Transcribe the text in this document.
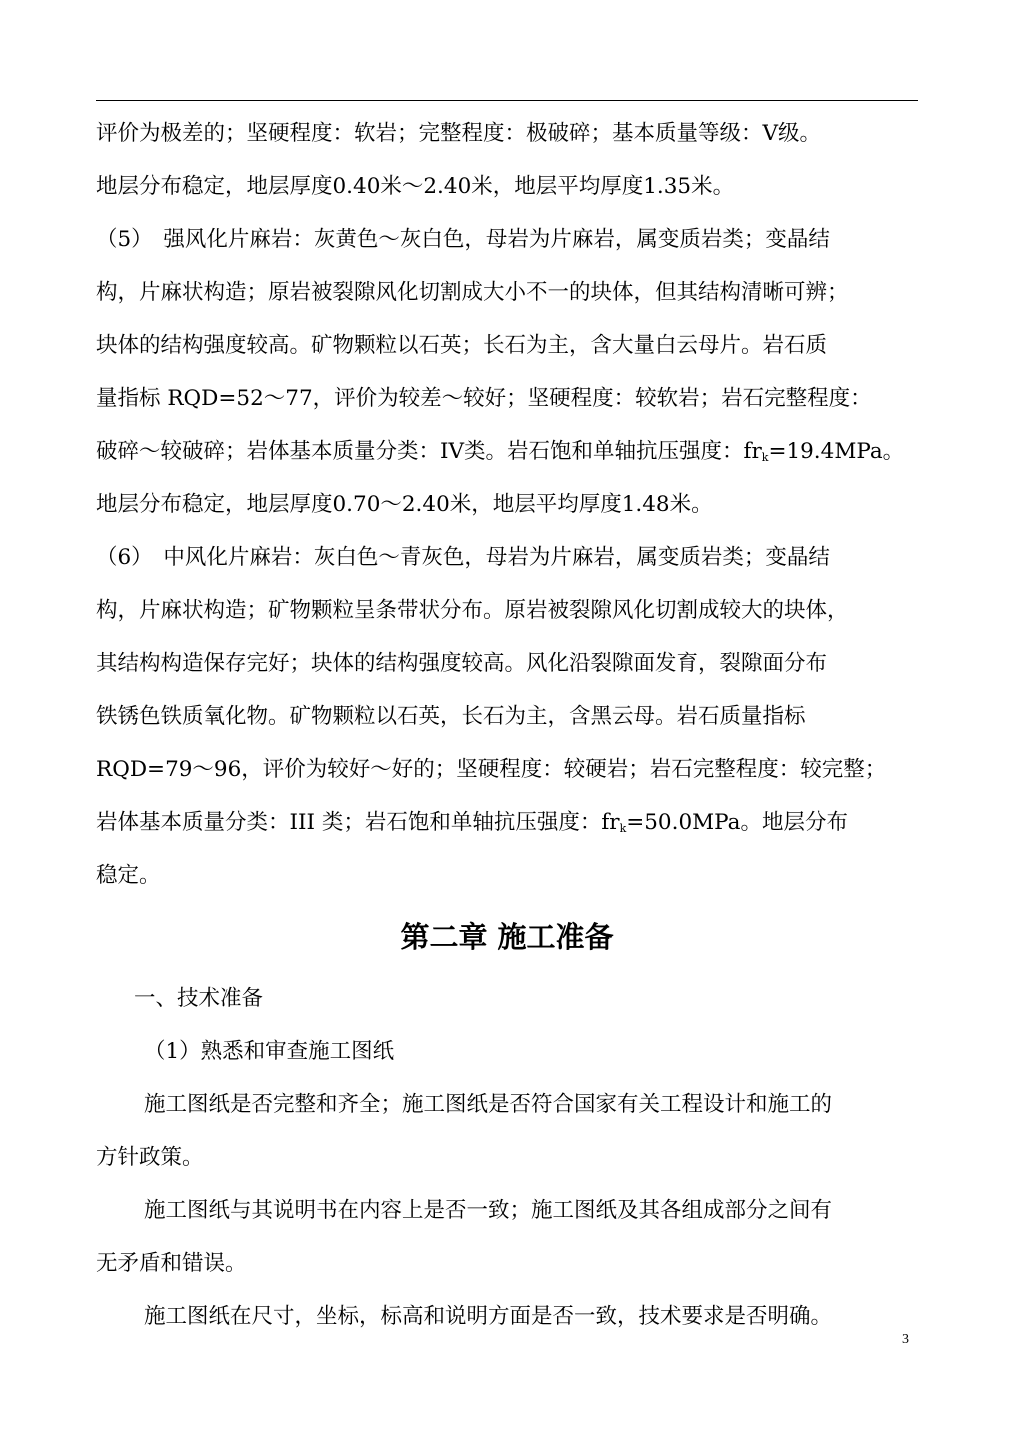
评价为极差的；坚硬程度：软岩；完整程度：极破碎；基本质量等级：Ⅴ级。
地层分布稳定，地层厚度0.40米～2.40米，地层平均厚度1.35米。
（5）　强风化片麻岩：灰黄色～灰白色，母岩为片麻岩，属变质岩类；变晶结
构，片麻状构造；原岩被裂隙风化切割成大小不一的块体，但其结构清晰可辨；
块体的结构强度较高。矿物颗粒以石英；长石为主，含大量白云母片。岩石质
量指标 RQD=52～77，评价为较差～较好；坚硬程度：较软岩；岩石完整程度：
破碎～较破碎；岩体基本质量分类：IV类。岩石饱和单轴抗压强度：$fr_k=19.4MPa$。
地层分布稳定，地层厚度0.70～2.40米，地层平均厚度1.48米。
（6）　中风化片麻岩：灰白色～青灰色，母岩为片麻岩，属变质岩类；变晶结
构，片麻状构造；矿物颗粒呈条带状分布。原岩被裂隙风化切割成较大的块体，
其结构构造保存完好；块体的结构强度较高。风化沿裂隙面发育，裂隙面分布
铁锈色铁质氧化物。矿物颗粒以石英，长石为主，含黑云母。岩石质量指标
RQD=79～96，评价为较好～好的；坚硬程度：较硬岩；岩石完整程度：较完整；
岩体基本质量分类：III 类；岩石饱和单轴抗压强度：$fr_k=50.0MPa$。地层分布
稳定。
第二章 施工准备
一、技术准备
（1）熟悉和审查施工图纸
施工图纸是否完整和齐全；施工图纸是否符合国家有关工程设计和施工的
方针政策。
施工图纸与其说明书在内容上是否一致；施工图纸及其各组成部分之间有
无矛盾和错误。
施工图纸在尺寸，坐标，标高和说明方面是否一致，技术要求是否明确。
3
